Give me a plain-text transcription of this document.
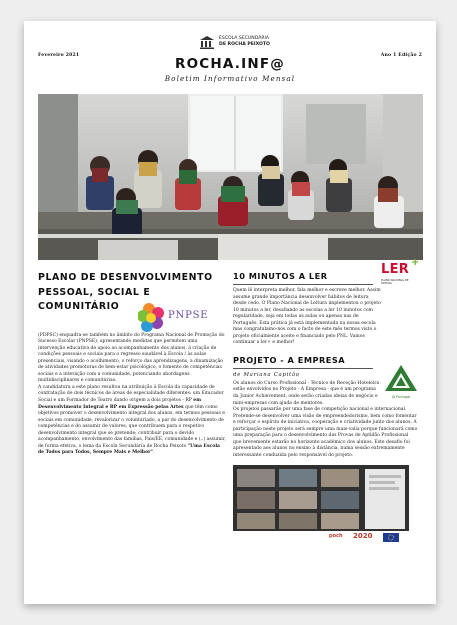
Fevereiro 2021	Ano 1 Edição 2
ESCOLA SECUNDÁRIA
DE ROCHA PEIXOTO
ROCHA.INF@
Boletim Informativo Mensal
PLANO DE DESENVOLVIMENTO PESSOAL, SOCIAL E COMUNITÁRIO
PNPSE

(PDPSC) enquadra-se também no âmbito do Programa Nacional de Promoção do Sucesso Escolar (PNPSE), apresentando medidas que permitem uma intervenção educativa de apoio ao acompanhamento dos alunos, à criação de condições pessoais e sociais para o regresso saudável à Escola / às aulas presenciais, visando o acolhimento, o reforço das aprendizagens, a dinamização de atividades promotoras de bem-estar psicológico, o fomento de competências sociais e a interação com a comunidade, potenciando abordagens multidisciplinares e comunitárias.

A candidatura a este plano resultou na atribuição à Escola da capacidade de contratação de dois técnicos de áreas de especialidade diferentes: um Educador Social e um Formador de Teatro dando origem a dois projetos - RP em Desenvolvimento Integral e RP em Expressão pelas Artes que têm como objetivos promover o desenvolvimento integral dos alunos, em termos pessoais e sociais em comunidade; revalorizar o voluntariado, a par do desenvolvimento de competências e do assumir de valores, que contribuem para o respetivo desenvolvimento integral que se pretende; contribuir para o devido acompanhamento, envolvimento das famílias, Pais/EE, comunidade e (..) assumir, de forma efetiva, o lema da Escola Secundária de Rocha Peixoto "Uma Escola de Todos para Todos, Sempre Mais e Melhor".

10 MINUTOS A LER	LER +
PLANO NACIONAL DE LEITURA

Quem lê interpreta melhor, fala melhor e escreve melhor. Assim assume grande importância desenvolver hábitos de leitura desde cedo. O Plano Nacional de Leitura implementou o projeto 10 minutos a ler, desafiando as escolas a ler 10 minutos com regularidade, seja em todas as aulas ou apenas nas de Português. Esta prática já está implementada na nossa escola mas congratulamo-nos com o facto de este mês termos visto o projeto oficialmente aceite e financiado pelo PNL. Vamos continuar a ler+ e melhor!

PROJETO - A EMPRESA
de Mariana Capitão
JÁ Portugal

Os alunos do Curso Profissional - Técnico de Receção Hoteleira estão envolvidos no Projeto - A Empresa - que é um programa da Junior Achievement, onde serão criadas ideias de negócio e mini-empresas com ajuda de mentores.

Os projetos passarão por uma fase de competição nacional e internacional. Pretende-se desenvolver uma visão de empreendedorismo, bem como fomentar e reforçar o espírito de iniciativa, cooperação e criatividade junto dos alunos. A participação neste projeto será sempre uma mais-valia porque funcionará como uma preparação para o desenvolvimento das Provas de Aptidão Profissional que brevemente estarão no horizonte académico dos alunos. Este desafio foi apresentado aos alunos no ensino à distância, numa sessão extremamente interessante conduzida pelo responsável do projeto.

poch 2020
